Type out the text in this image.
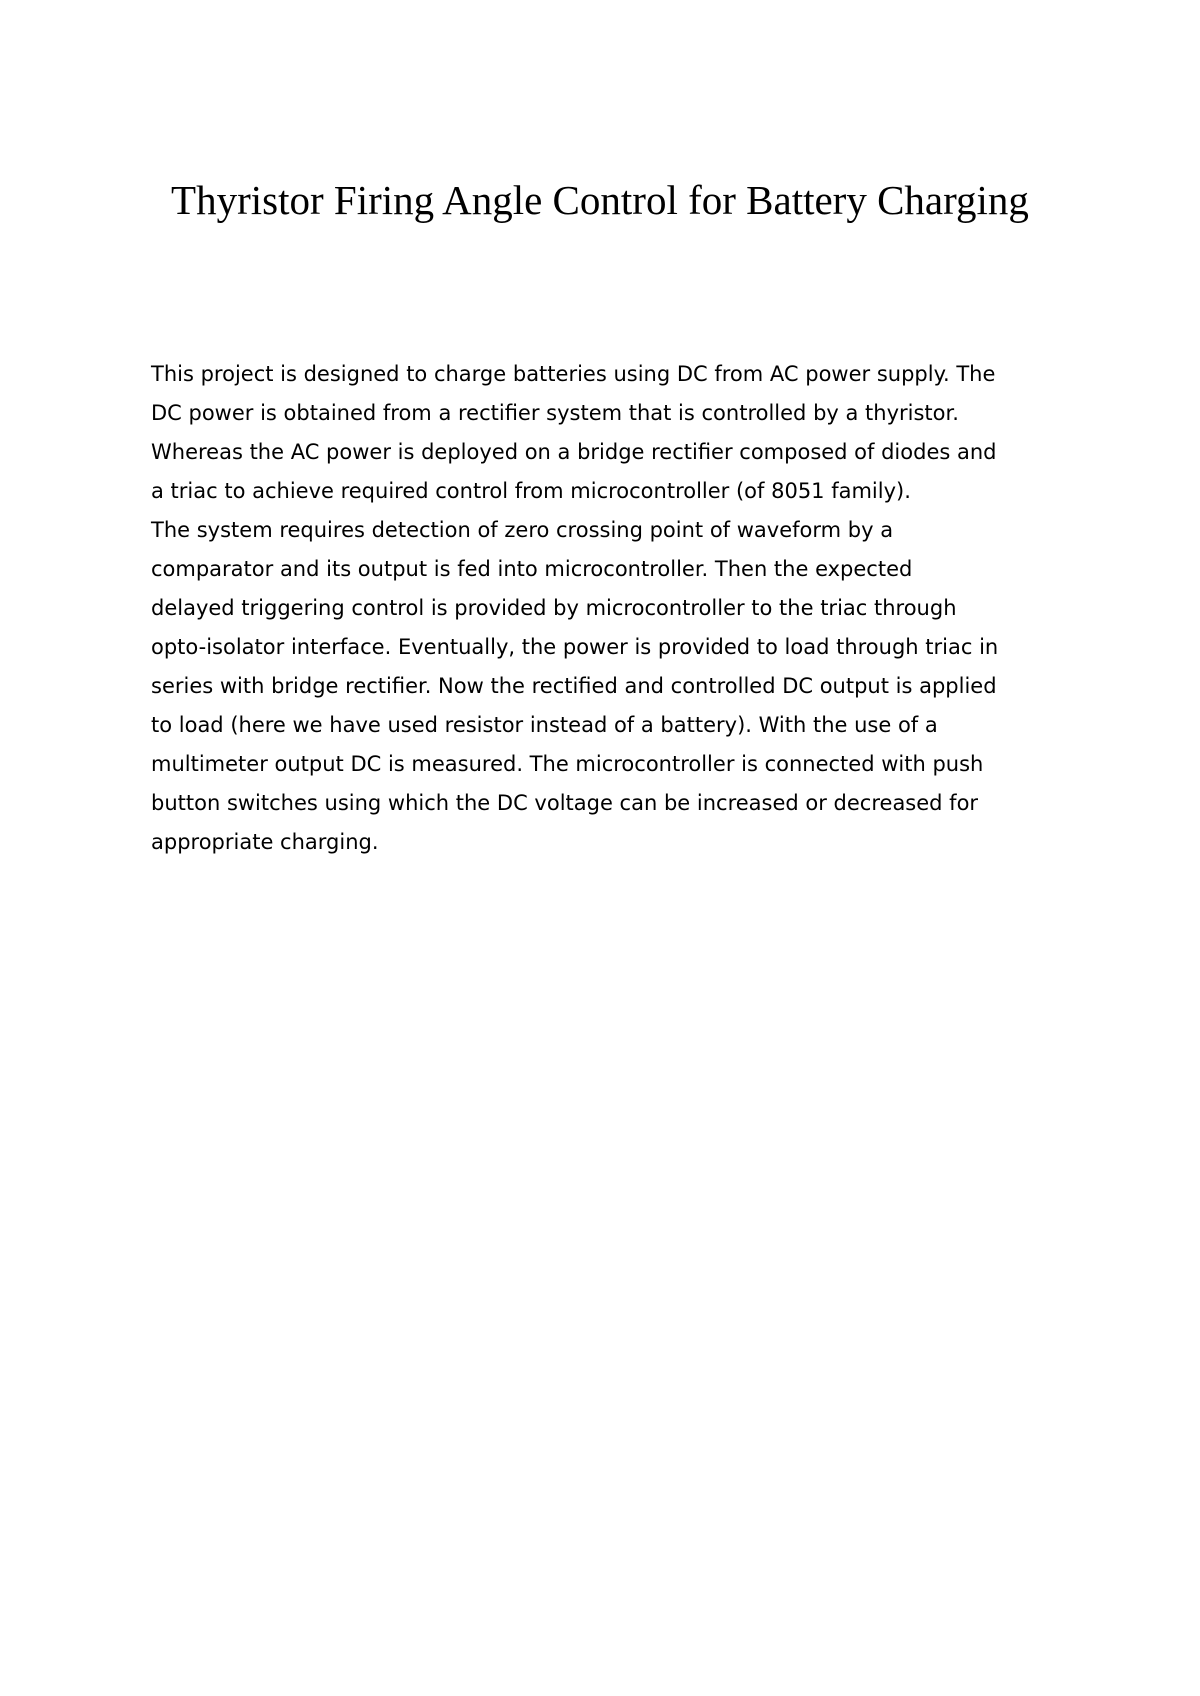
Thyristor Firing Angle Control for Battery Charging

This project is designed to charge batteries using DC from AC power supply. The
DC power is obtained from a rectifier system that is controlled by a thyristor.
Whereas the AC power is deployed on a bridge rectifier composed of diodes and
a triac to achieve required control from microcontroller (of 8051 family).
The system requires detection of zero crossing point of waveform by a
comparator and its output is fed into microcontroller. Then the expected
delayed triggering control is provided by microcontroller to the triac through
opto-isolator interface. Eventually, the power is provided to load through triac in
series with bridge rectifier. Now the rectified and controlled DC output is applied
to load (here we have used resistor instead of a battery). With the use of a
multimeter output DC is measured. The microcontroller is connected with push
button switches using which the DC voltage can be increased or decreased for
appropriate charging.
